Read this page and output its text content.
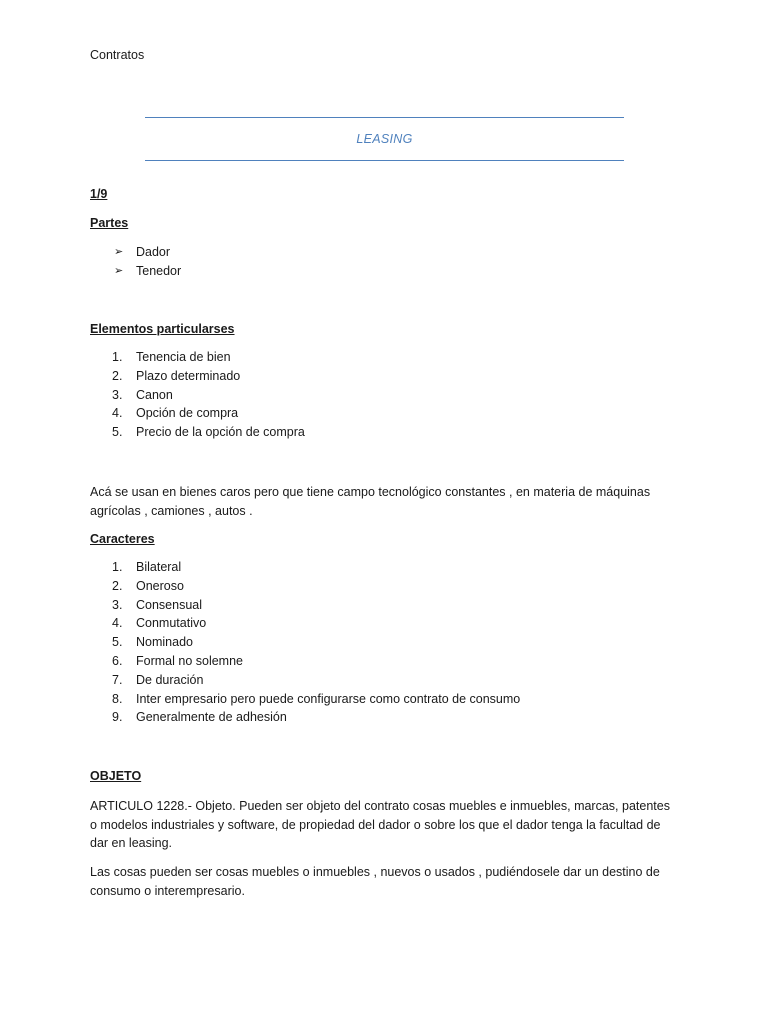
Contratos
LEASING
1/9
Partes
➢ Dador
➢ Tenedor
Elementos particularses
1. Tenencia de bien
2. Plazo determinado
3. Canon
4. Opción de compra
5. Precio de la opción de compra
Acá se usan en bienes caros pero que tiene campo tecnológico constantes , en materia de máquinas agrícolas , camiones , autos .
Caracteres
1. Bilateral
2. Oneroso
3. Consensual
4. Conmutativo
5. Nominado
6. Formal no solemne
7. De duración
8. Inter empresario pero puede configurarse como contrato de consumo
9. Generalmente de adhesión
OBJETO
ARTICULO 1228.- Objeto. Pueden ser objeto del contrato cosas muebles e inmuebles, marcas, patentes o modelos industriales y software, de propiedad del dador o sobre los que el dador tenga la facultad de dar en leasing.
Las cosas pueden ser cosas muebles o inmuebles , nuevos o usados , pudiéndosele dar un destino de consumo o interempresario.
